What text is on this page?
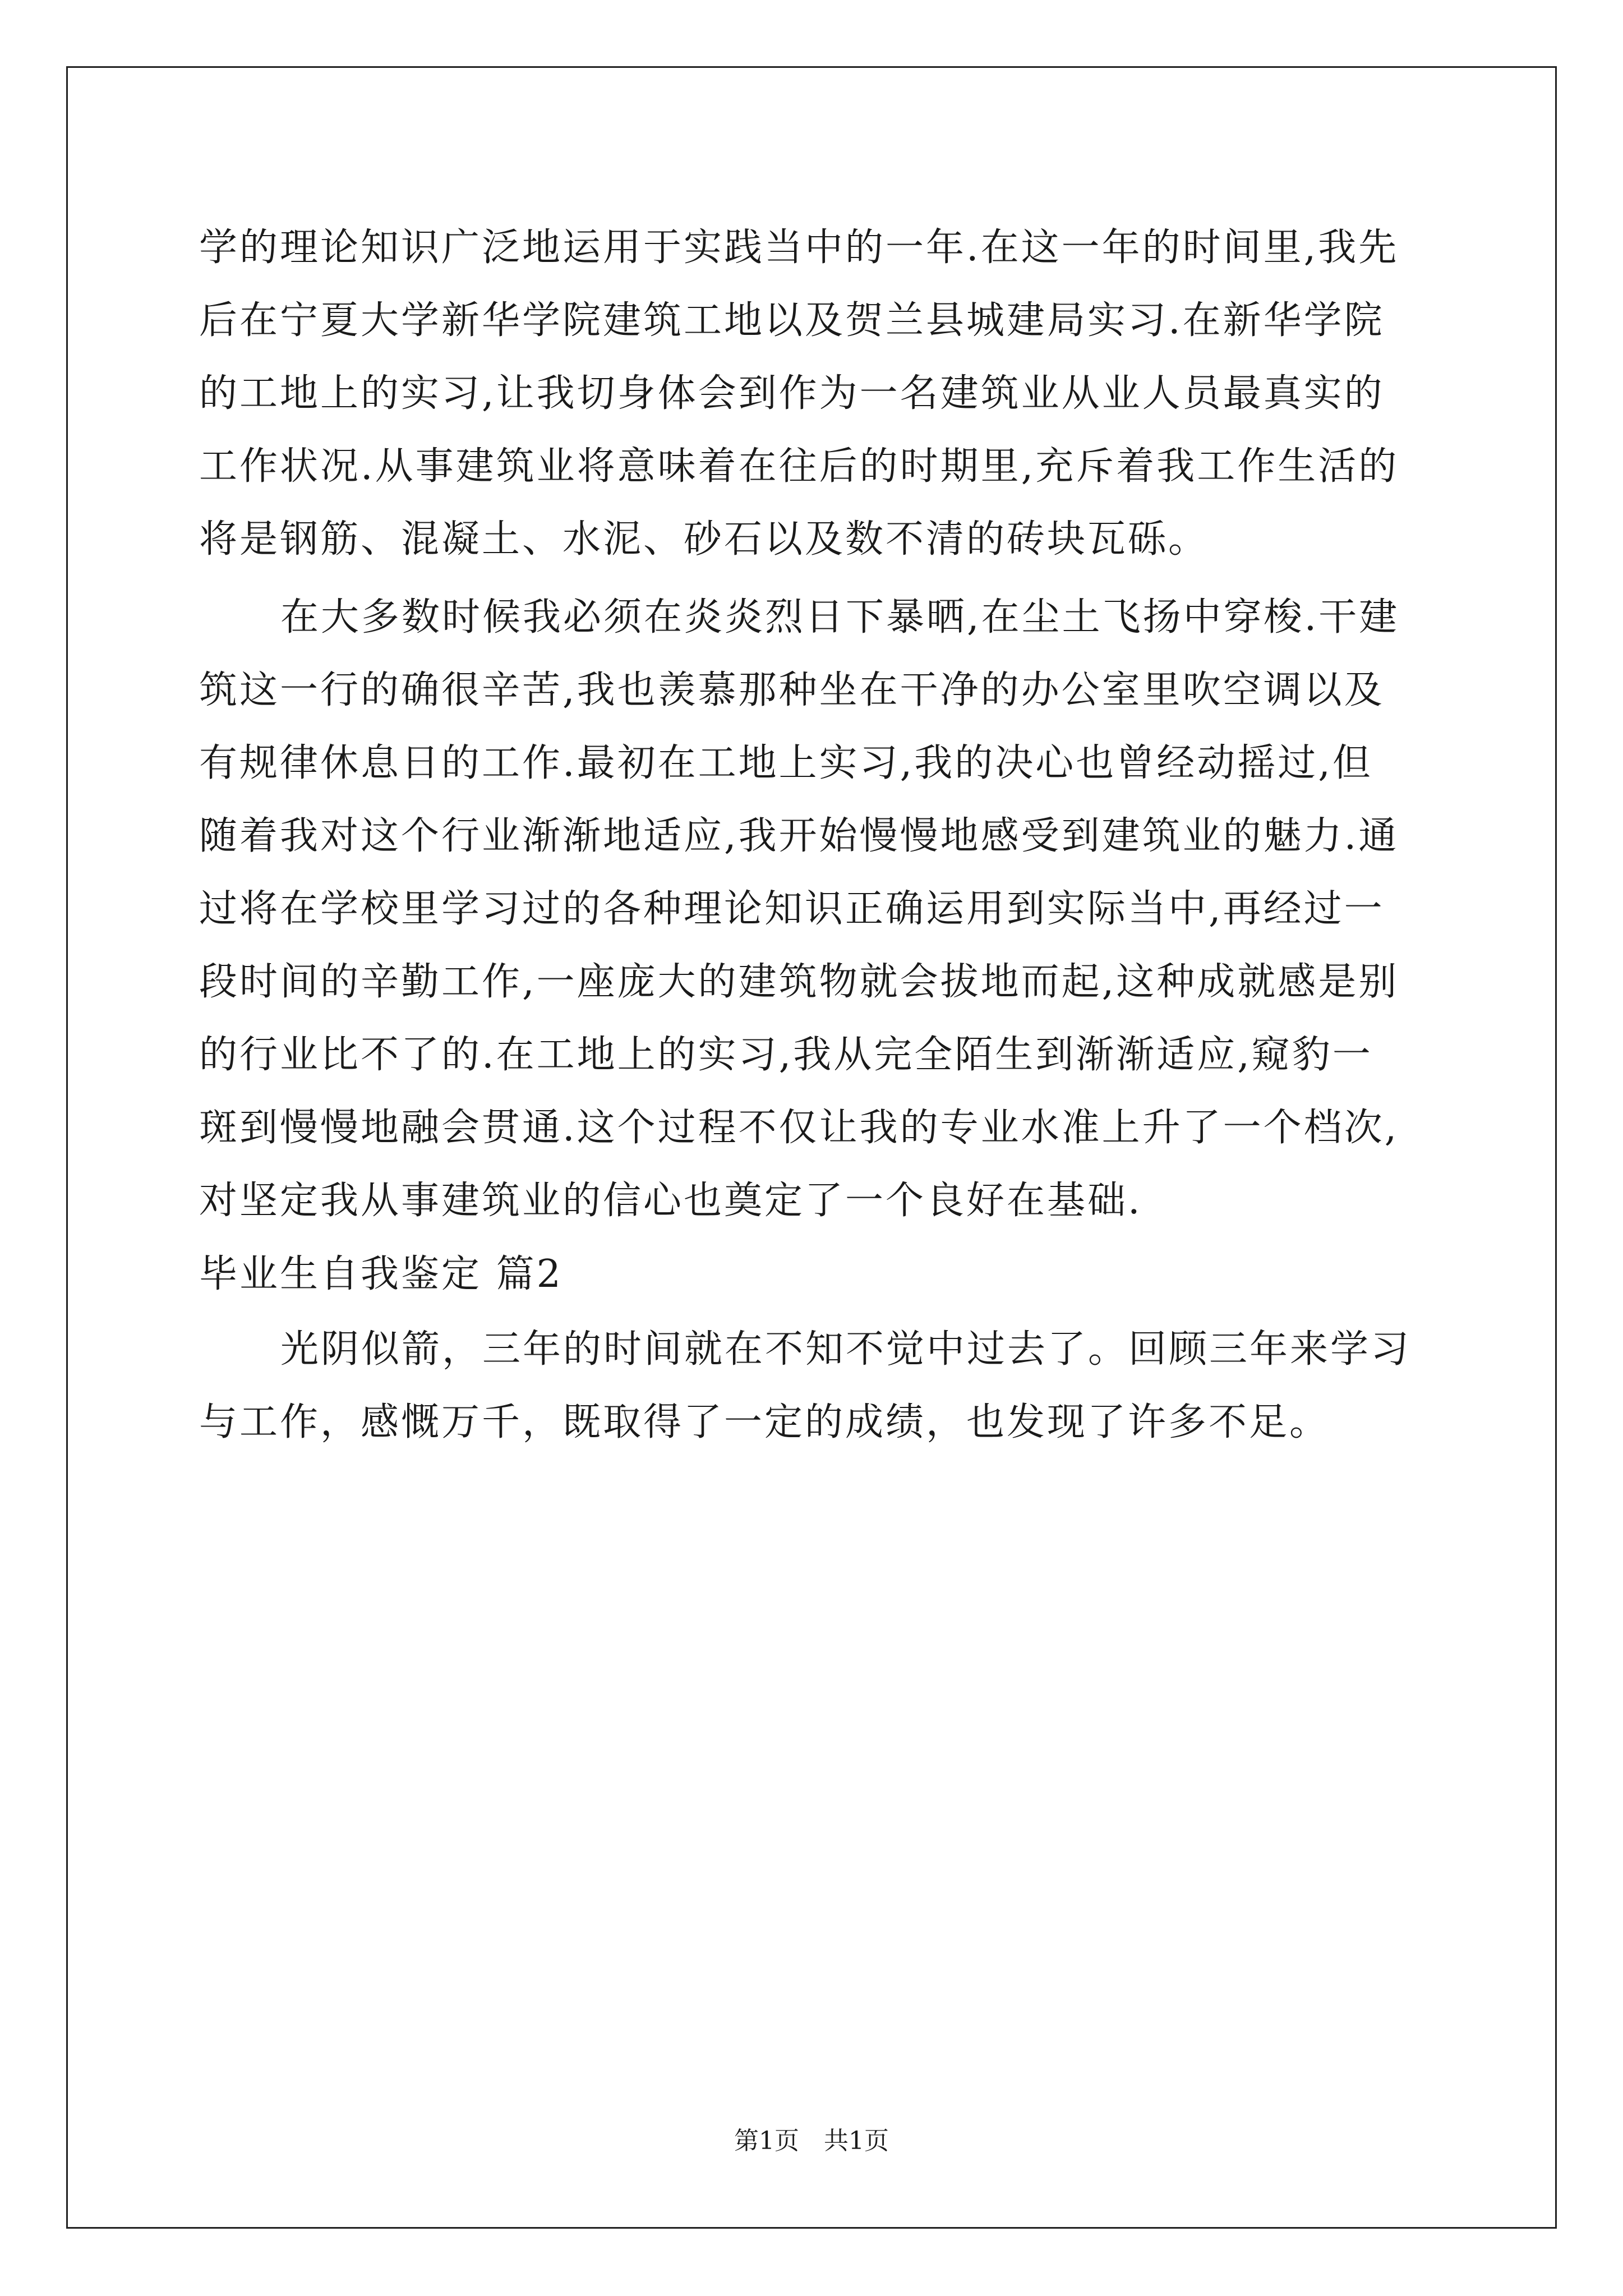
学的理论知识广泛地运用于实践当中的一年.在这一年的时间里,我先
后在宁夏大学新华学院建筑工地以及贺兰县城建局实习.在新华学院
的工地上的实习,让我切身体会到作为一名建筑业从业人员最真实的
工作状况.从事建筑业将意味着在往后的时期里,充斥着我工作生活的
将是钢筋、混凝土、水泥、砂石以及数不清的砖块瓦砾。
在大多数时候我必须在炎炎烈日下暴晒,在尘土飞扬中穿梭.干建
筑这一行的确很辛苦,我也羡慕那种坐在干净的办公室里吹空调以及
有规律休息日的工作.最初在工地上实习,我的决心也曾经动摇过,但
随着我对这个行业渐渐地适应,我开始慢慢地感受到建筑业的魅力.通
过将在学校里学习过的各种理论知识正确运用到实际当中,再经过一
段时间的辛勤工作,一座庞大的建筑物就会拔地而起,这种成就感是别
的行业比不了的.在工地上的实习,我从完全陌生到渐渐适应,窥豹一
斑到慢慢地融会贯通.这个过程不仅让我的专业水准上升了一个档次,
对坚定我从事建筑业的信心也奠定了一个良好在基础.
毕业生自我鉴定 篇2
光阴似箭，三年的时间就在不知不觉中过去了。回顾三年来学习
与工作，感慨万千，既取得了一定的成绩，也发现了许多不足。
第1页　共1页
